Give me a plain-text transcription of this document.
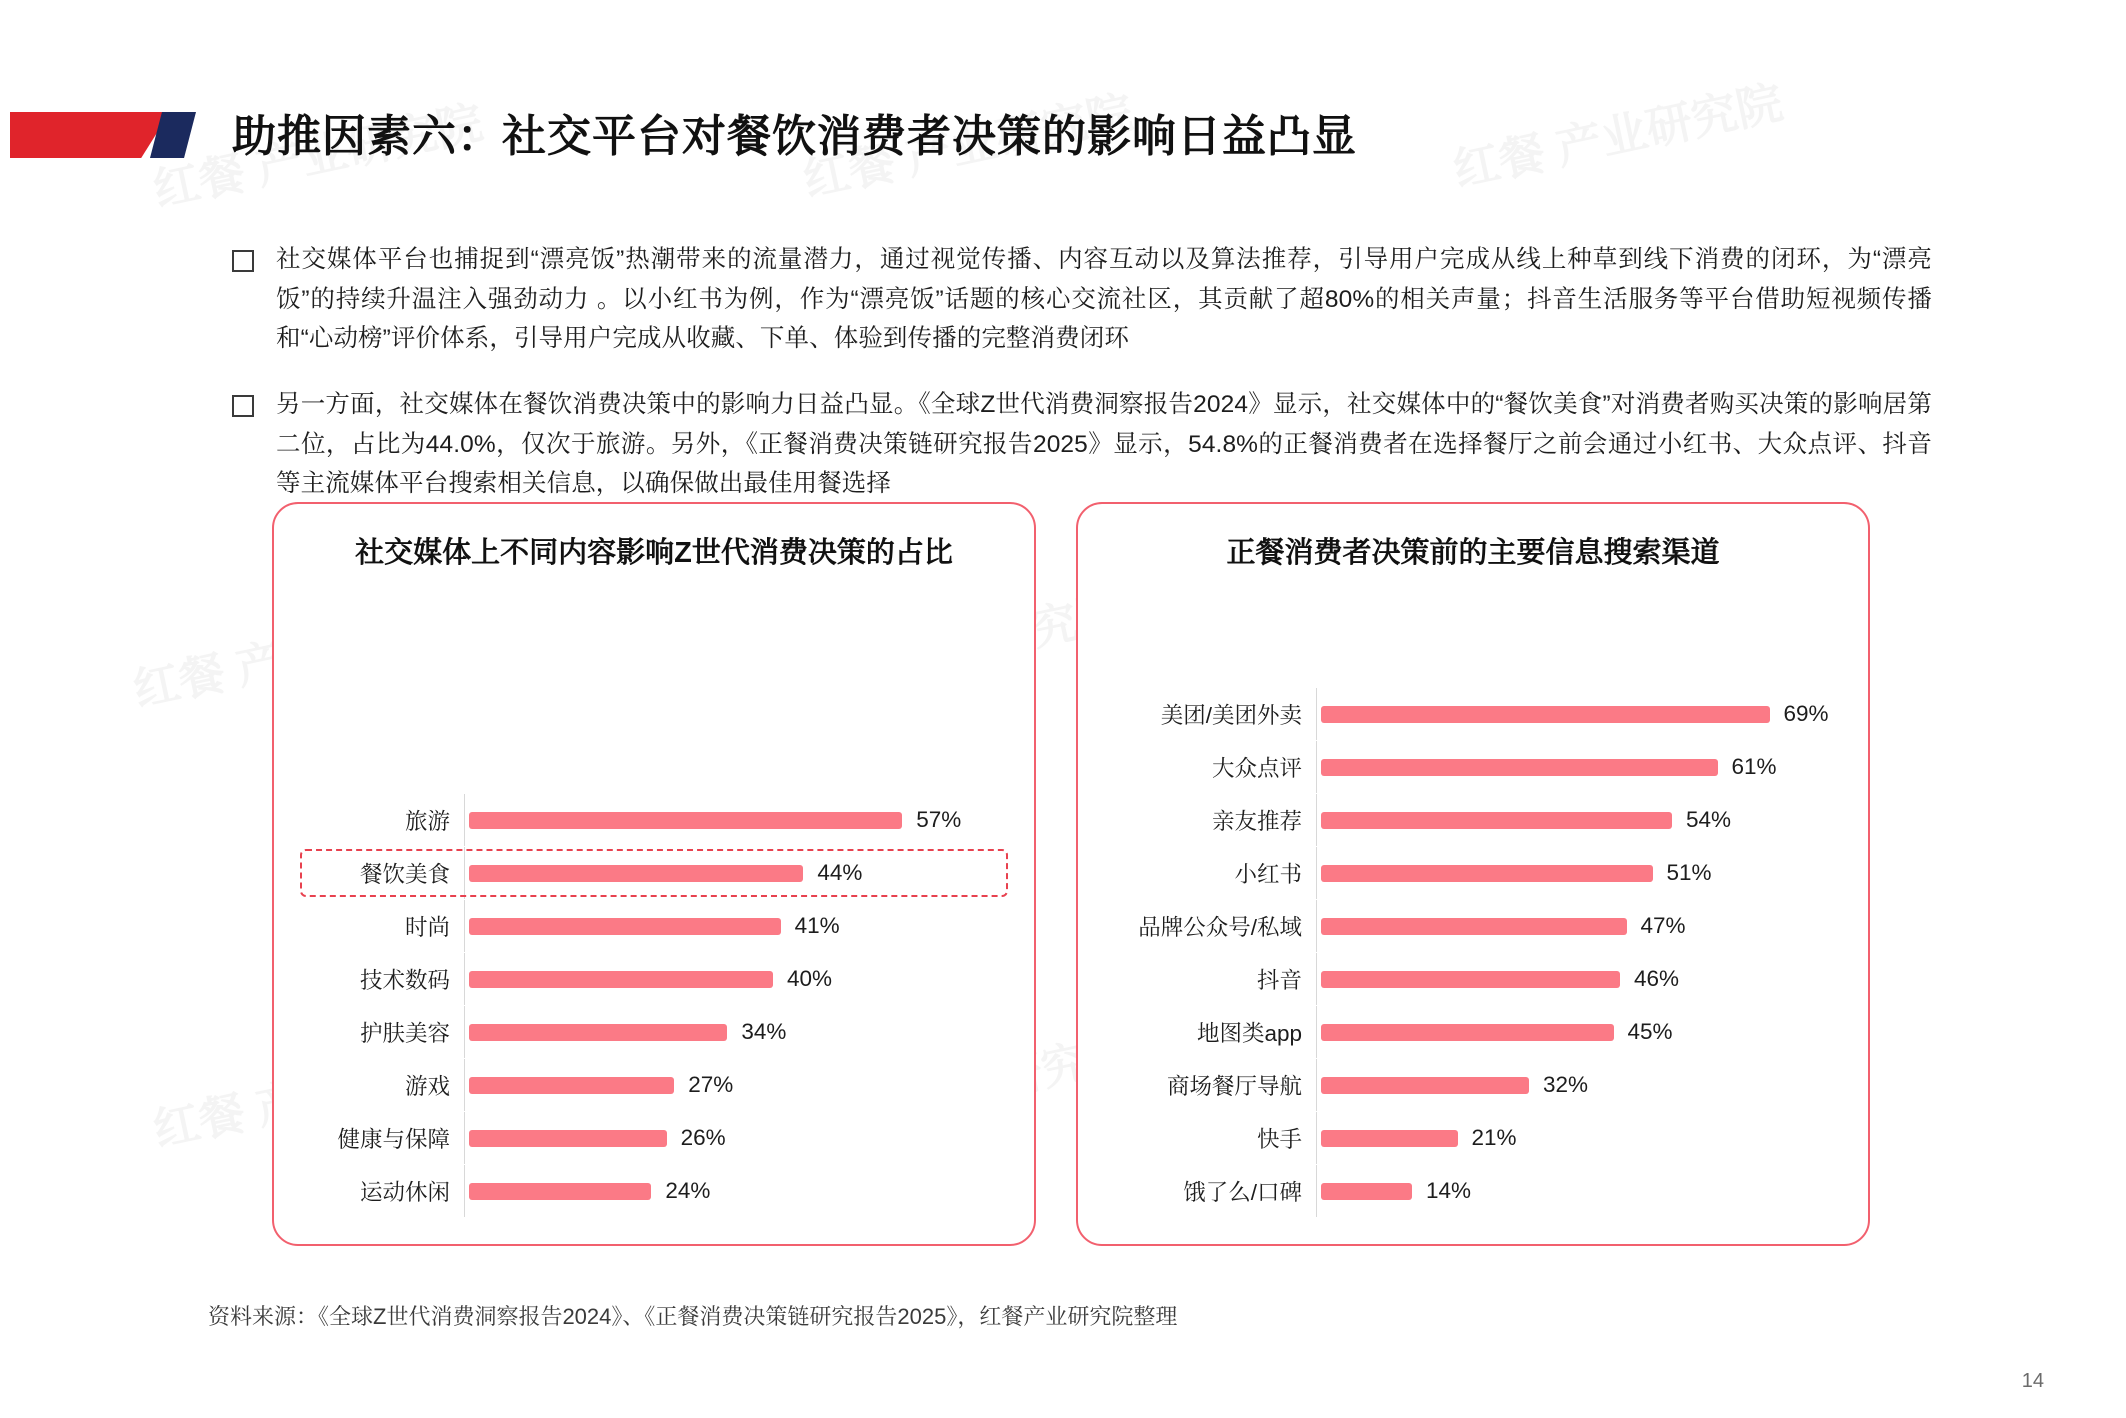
助推因素六：社交平台对餐饮消费者决策的影响日益凸显
社交媒体平台也捕捉到“漂亮饭”热潮带来的流量潜力，通过视觉传播、内容互动以及算法推荐，引导用户完成从线上种草到线下消费的闭环，为“漂亮饭”的持续升温注入强劲动力 。以小红书为例，作为“漂亮饭”话题的核心交流社区，其贡献了超80%的相关声量；抖音生活服务等平台借助短视频传播和“心动榜”评价体系，引导用户完成从收藏、下单、体验到传播的完整消费闭环
另一方面，社交媒体在餐饮消费决策中的影响力日益凸显。《全球Z世代消费洞察报告2024》显示，社交媒体中的“餐饮美食”对消费者购买决策的影响居第二位，占比为44.0%，仅次于旅游。另外，《正餐消费决策链研究报告2025》显示，54.8%的正餐消费者在选择餐厅之前会通过小红书、大众点评、抖音等主流媒体平台搜索相关信息，以确保做出最佳用餐选择
社交媒体上不同内容影响Z世代消费决策的占比
旅游	57%
餐饮美食	44%
时尚	41%
技术数码	40%
护肤美容	34%
游戏	27%
健康与保障	26%
运动休闲	24%
正餐消费者决策前的主要信息搜索渠道
美团/美团外卖	69%
大众点评	61%
亲友推荐	54%
小红书	51%
品牌公众号/私域	47%
抖音	46%
地图类app	45%
商场餐厅导航	32%
快手	21%
饿了么/口碑	14%
资料来源：《全球Z世代消费洞察报告2024》、《正餐消费决策链研究报告2025》，红餐产业研究院整理
14
